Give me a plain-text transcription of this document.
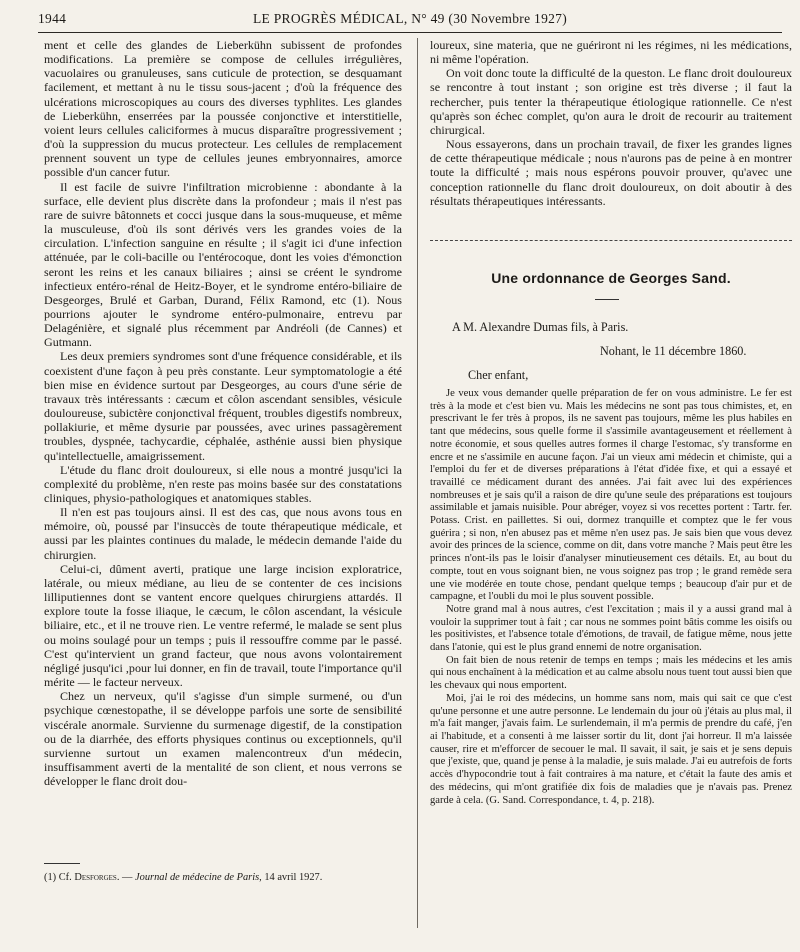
1944	LE PROGRÈS MÉDICAL, N° 49 (30 Novembre 1927)

ment et celle des glandes de Lieberkühn subissent de profondes modifications. La première se compose de cellules irrégulières, vacuolaires ou granuleuses, sans cuticule de protection, se desquamant facilement, et mettant à nu le tissu sous-jacent ; d'où la fréquence des ulcérations microscopiques au cours des diverses typhlites. Les glandes de Lieberkühn, enserrées par la poussée conjonctive et interstitielle, voient leurs cellules caliciformes à mucus disparaître progressivement ; d'où la suppression du mucus protecteur. Les cellules de remplacement prennent souvent un type de cellules jeunes embryonnaires, amorce possible d'un cancer futur.

Il est facile de suivre l'infiltration microbienne : abondante à la surface, elle devient plus discrète dans la profondeur ; mais il n'est pas rare de suivre bâtonnets et cocci jusque dans la sous-muqueuse, et même la musculeuse, d'où ils sont dérivés vers les grandes voies de la circulation. L'infection sanguine en résulte ; il s'agit ici d'une infection atténuée, par le coli-bacille ou l'entérocoque, dont les voies d'émonction seront les reins et les canaux biliaires ; ainsi se créent le syndrome infectieux entéro-rénal de Heitz-Boyer, et le syndrome entéro-biliaire de Desgeorges, Brulé et Garban, Durand, Félix Ramond, etc (1). Nous pourrions ajouter le syndrome entéro-pulmonaire, entrevu par Delagénière, et signalé plus récemment par Andréoli (de Cannes) et Gutmann.

Les deux premiers syndromes sont d'une fréquence considérable, et ils coexistent d'une façon à peu près constante. Leur symptomatologie a été bien mise en évidence surtout par Desgeorges, au cours d'une série de travaux très intéressants : cæcum et côlon ascendant sensibles, vésicule douloureuse, subictère conjonctival fréquent, troubles digestifs nombreux, pollakiurie, et même dysurie par poussées, avec urines passagèrement troubles, dyspnée, tachycardie, céphalée, asthénie aussi bien physique qu'intellectuelle, amaigrissement.

L'étude du flanc droit douloureux, si elle nous a montré jusqu'ici la complexité du problème, n'en reste pas moins basée sur des constatations cliniques, physio-pathologiques et anatomiques stables.

Il n'en est pas toujours ainsi. Il est des cas, que nous avons tous en mémoire, où, poussé par l'insuccès de toute thérapeutique médicale, et aussi par les plaintes continues du malade, le médecin demande l'aide du chirurgien.

Celui-ci, dûment averti, pratique une large incision exploratrice, latérale, ou mieux médiane, au lieu de se contenter de ces incisions lilliputiennes dont se vantent encore quelques chirurgiens attardés. Il explore toute la fosse iliaque, le cæcum, le côlon ascendant, la vésicule biliaire, etc., et il ne trouve rien. Le ventre refermé, le malade se sent plus ou moins soulagé pour un temps ; puis il ressouffre comme par le passé. C'est qu'intervient un grand facteur, que nous avons volontairement négligé jusqu'ici ,pour lui donner, en fin de travail, toute l'importance qu'il mérite — le facteur nerveux.

Chez un nerveux, qu'il s'agisse d'un simple surmené, ou d'un psychique cœnestopathe, il se développe parfois une sorte de sensibilité viscérale anormale. Survienne du surmenage digestif, de la constipation ou de la diarrhée, des efforts physiques continus ou exceptionnels, qu'il survienne surtout un examen malencontreux d'un médecin, insuffisamment averti de la mentalité de son client, et nous verrons se développer le flanc droit dou-

loureux, sine materia, que ne guériront ni les régimes, ni les médications, ni même l'opération.

On voit donc toute la difficulté de la queston. Le flanc droit douloureux se rencontre à tout instant ; son origine est très diverse ; il faut la rechercher, puis tenter la thérapeutique étiologique rationnelle. Ce n'est qu'après son échec complet, qu'on aura le droit de recourir au traitement chirurgical.

Nous essayerons, dans un prochain travail, de fixer les grandes lignes de cette thérapeutique médicale ; nous n'aurons pas de peine à en montrer toute la difficulté ; mais nous espérons pouvoir prouver, qu'avec une conception rationnelle du flanc droit douloureux, on doit aboutir à des résultats thérapeutiques intéressants.

Une ordonnance de Georges Sand.
A M. Alexandre Dumas fils, à Paris.
Nohant, le 11 décembre 1860.
Cher enfant,

Je veux vous demander quelle préparation de fer on vous administre. Le fer est très à la mode et c'est bien vu. Mais les médecins ne sont pas tous chimistes, et, en prescrivant le fer très à propos, ils ne savent pas toujours, même les plus habiles en tant que médecins, sous quelle forme il s'assimile avantageusement et réellement à notre économie, et sous quelles autres formes il charge l'estomac, s'y transforme en encre et ne s'assimile en aucune façon. J'ai un vieux ami médecin et chimiste, qui a l'emploi du fer et de diverses préparations à l'état d'idée fixe, et qui a essayé et travaillé ce médicament durant des années. J'ai fait avec lui des expériences nombreuses et je sais qu'il a raison de dire qu'une seule des préparations est toujours assimilable et jamais nuisible. Pour abréger, voyez si vos recettes portent : Tartr. fer. Potass. Crist. en paillettes. Si oui, dormez tranquille et comptez que le fer vous guérira ; si non, n'en abusez pas et même n'en usez pas. Je sais bien que vous devez avoir des princes de la science, comme on dit, dans votre manche ? Mais peut être les princes n'ont-ils pas le loisir d'analyser minutieusement ces détails. Et, au bout du compte, tout en vous soignant bien, ne vous soignez pas trop ; le grand remède sera une vie modérée en toute chose, pendant quelque temps ; beaucoup d'air pur et de campagne, et l'oubli du moi le plus souvent possible.

Notre grand mal à nous autres, c'est l'excitation ; mais il y a aussi grand mal à vouloir la supprimer tout à fait ; car nous ne sommes point bâtis comme les oisifs ou les positivistes, et l'absence totale d'émotions, de travail, de fatigue même, nous jette dans l'atonie, qui est le plus grand ennemi de notre organisation.

On fait bien de nous retenir de temps en temps ; mais les médecins et les amis qui nous enchaînent à la médication et au calme absolu nous tuent tout aussi bien que les chevaux qui nous emportent.

Moi, j'ai le roi des médecins, un homme sans nom, mais qui sait ce que c'est qu'une personne et une autre personne. Le lendemain du jour où j'étais au plus mal, il m'a fait manger, j'avais faim. Le surlendemain, il m'a permis de prendre du café, j'en ai l'habitude, et a consenti à me laisser sortir du lit, dont j'ai horreur. Il m'a laissée causer, rire et m'efforcer de secouer le mal. Il savait, il sait, je sais et je sens depuis que j'existe, que, quand je pense à la maladie, je suis malade. J'ai eu autrefois de forts accès d'hypocondrie tout à fait contraires à ma nature, et c'était la faute des amis et des médecins, qui m'ont gratifiée dix fois de maladies que je n'avais pas. Prenez garde à cela. (G. Sand. Correspondance, t. 4, p. 218).

(1) Cf. Desforges. — Journal de médecine de Paris, 14 avril 1927.
